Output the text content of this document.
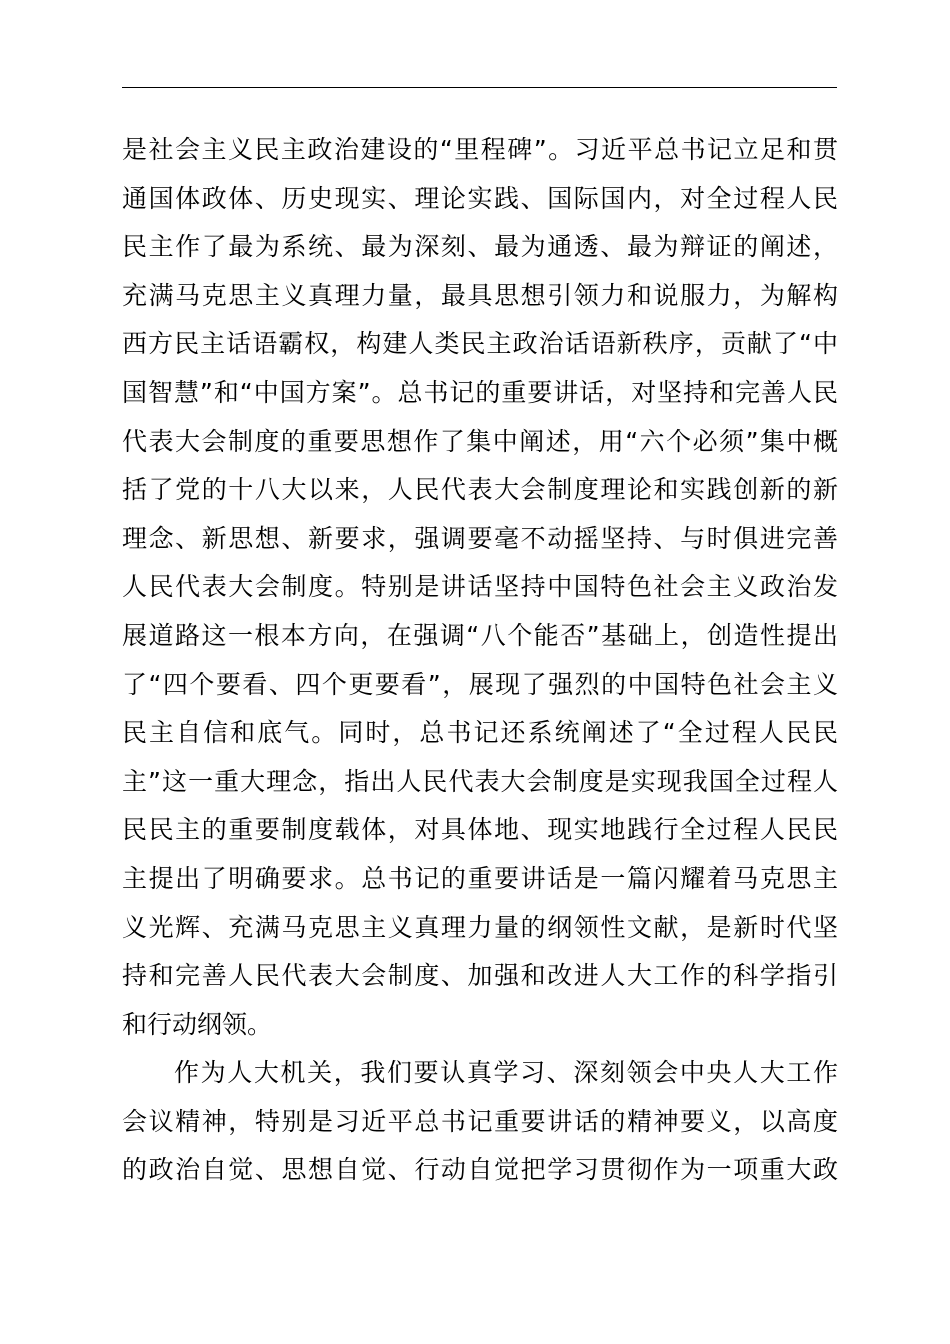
是社会主义民主政治建设的“里程碑”。习近平总书记立足和贯
通国体政体、历史现实、理论实践、国际国内，对全过程人民
民主作了最为系统、最为深刻、最为通透、最为辩证的阐述，
充满马克思主义真理力量，最具思想引领力和说服力，为解构
西方民主话语霸权，构建人类民主政治话语新秩序，贡献了“中
国智慧”和“中国方案”。总书记的重要讲话，对坚持和完善人民
代表大会制度的重要思想作了集中阐述，用“六个必须”集中概
括了党的十八大以来，人民代表大会制度理论和实践创新的新
理念、新思想、新要求，强调要毫不动摇坚持、与时俱进完善
人民代表大会制度。特别是讲话坚持中国特色社会主义政治发
展道路这一根本方向，在强调“八个能否”基础上，创造性提出
了“四个要看、四个更要看”，展现了强烈的中国特色社会主义
民主自信和底气。同时，总书记还系统阐述了“全过程人民民
主”这一重大理念，指出人民代表大会制度是实现我国全过程人
民民主的重要制度载体，对具体地、现实地践行全过程人民民
主提出了明确要求。总书记的重要讲话是一篇闪耀着马克思主
义光辉、充满马克思主义真理力量的纲领性文献，是新时代坚
持和完善人民代表大会制度、加强和改进人大工作的科学指引
和行动纲领。
作为人大机关，我们要认真学习、深刻领会中央人大工作
会议精神，特别是习近平总书记重要讲话的精神要义，以高度
的政治自觉、思想自觉、行动自觉把学习贯彻作为一项重大政
